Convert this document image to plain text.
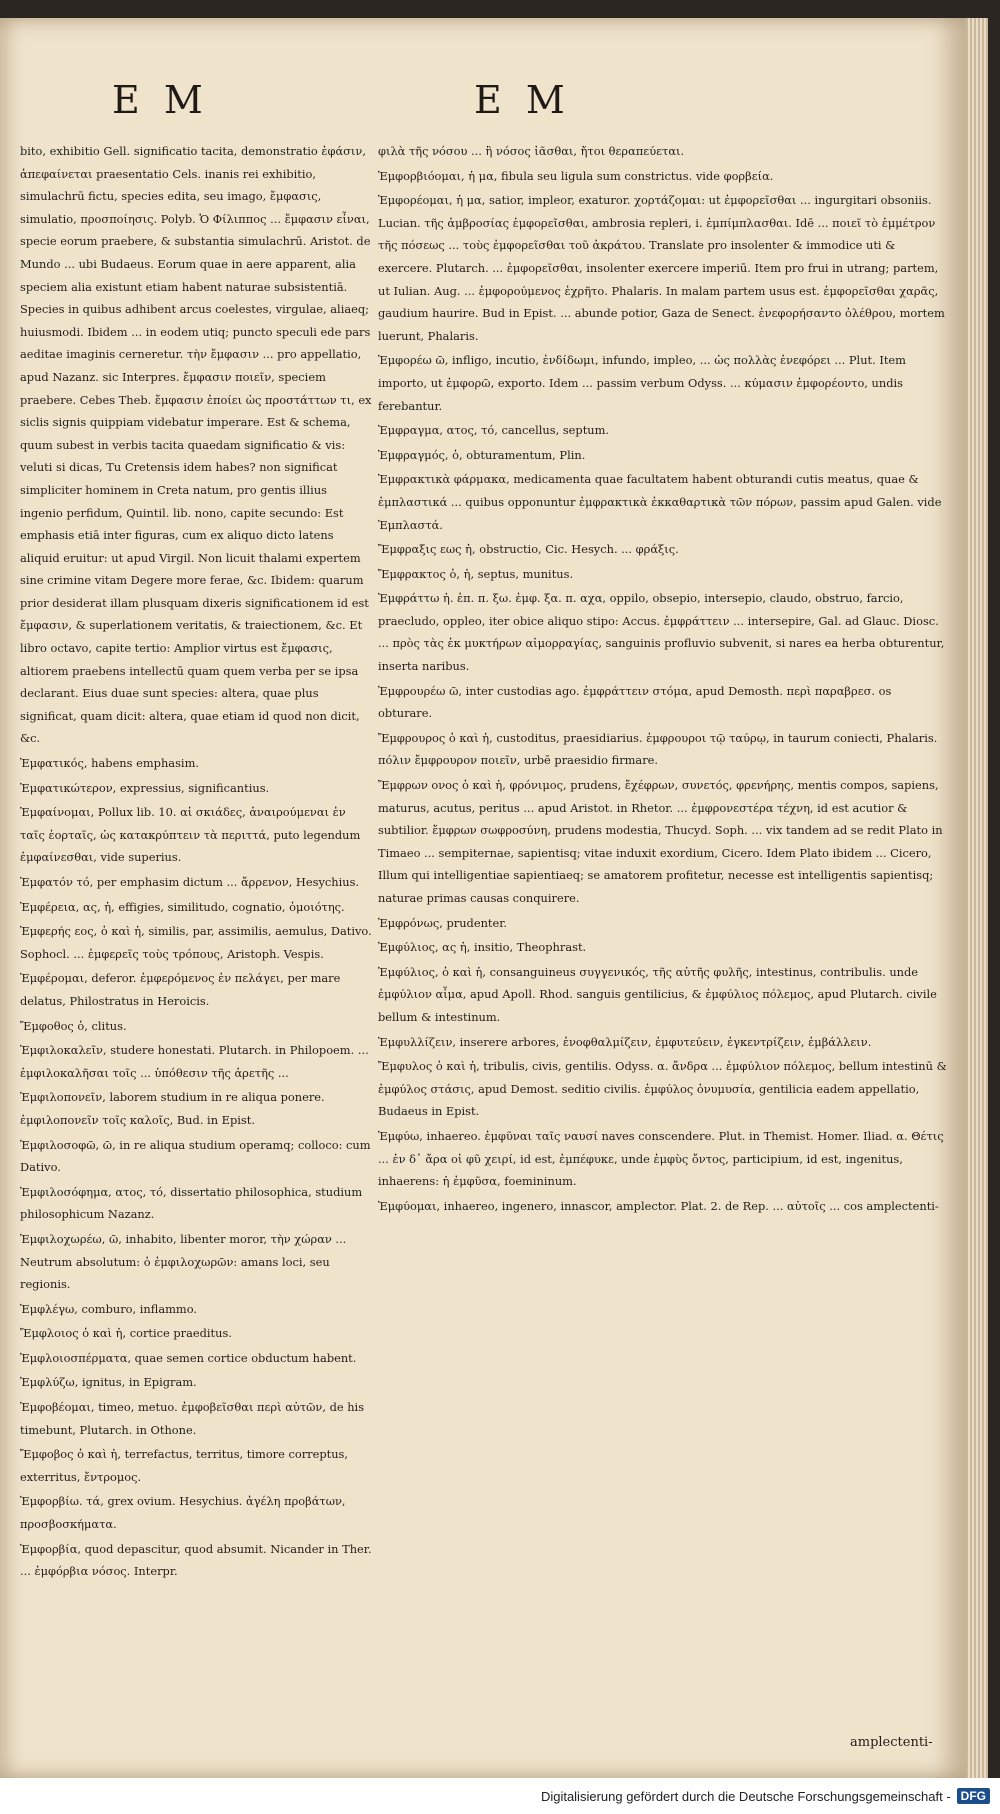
E M	E M

bito, exhibitio Gell. significatio tacita, demonstratio ἐφάσιν, ἀπεφαίνεται praesentatio Cels. inanis rei exhibitio, simulachrū fictu, species edita, seu imago, ἔμφασις, simulatio, προσποίησις. Polyb. Ὁ Φίλιππος ... ἔμφασιν εἶναι, specie eorum praebere, & substantia simulachrū. Aristot. de Mundo ... ubi Budaeus. Eorum quae in aere apparent, alia speciem alia existunt etiam habent naturae subsistentiā. Species in quibus adhibent arcus coelestes, virgulae, aliaeq; huiusmodi. Ibidem ... in eodem utiq; puncto speculi ede pars aeditae imaginis cerneretur. τὴν ἔμφασιν ... pro appellatio, apud Nazanz. sic Interpres. ἔμφασιν ποιεῖν, speciem praebere. Cebes Theb. ἔμφασιν ἐποίει ὡς προστάττων τι, ex siclis signis quippiam videbatur imperare. Est & schema, quum subest in verbis tacita quaedam significatio & vis: veluti si dicas, Tu Cretensis idem habes? non significat simpliciter hominem in Creta natum, pro gentis illius ingenio perfidum, Quintil. lib. nono, capite secundo: Est emphasis etiā inter figuras, cum ex aliquo dicto latens aliquid eruitur: ut apud Virgil. Non licuit thalami expertem sine crimine vitam Degere more ferae, &c. Ibidem: quarum prior desiderat illam plusquam dixeris significationem id est ἔμφασιν, & superlationem veritatis, & traiectionem, &c. Et libro octavo, capite tertio: Amplior virtus est ἔμφασις, altiorem praebens intellectū quam quem verba per se ipsa declarant. Eius duae sunt species: altera, quae plus significat, quam dicit: altera, quae etiam id quod non dicit, &c.

Ἐμφατικός, habens emphasim.

Ἐμφατικώτερον, expressius, significantius.

Ἐμφαίνομαι, Pollux lib. 10. αἱ σκιάδες, ἀναιρούμεναι ἐν ταῖς ἑορταῖς, ὡς κατακρύπτειν τὰ περιττά, puto legendum ἐμφαίνεσθαι, vide superius.

Ἐμφατόν τό, per emphasim dictum ... ἄρρενον, Hesychius.

Ἐμφέρεια, ας, ἡ, effigies, similitudo, cognatio, ὁμοιότης.

Ἐμφερής εος, ὁ καὶ ἡ, similis, par, assimilis, aemulus, Dativo. Sophocl. ... ἐμφερεῖς τοὺς τρόπους, Aristoph. Vespis.

Ἐμφέρομαι, deferor. ἐμφερόμενος ἐν πελάγει, per mare delatus, Philostratus in Heroicis.

Ἔμφοθος ὁ, clitus.

Ἐμφιλοκαλεῖν, studere honestati. Plutarch. in Philopoem. ... ἐμφιλοκαλῆσαι τοῖς ... ὑπόθεσιν τῆς ἀρετῆς ...

Ἐμφιλοπονεῖν, laborem studium in re aliqua ponere. ἐμφιλοπονεῖν τοῖς καλοῖς, Bud. in Epist.

Ἐμφιλοσοφῶ, ῶ, in re aliqua studium operamq; colloco: cum Dativo.

Ἐμφιλοσόφημα, ατος, τό, dissertatio philosophica, studium philosophicum Nazanz.

Ἐμφιλοχωρέω, ῶ, inhabito, libenter moror, τὴν χώραν ... Neutrum absolutum: ὁ ἐμφιλοχωρῶν: amans loci, seu regionis.

Ἐμφλέγω, comburo, inflammo.

Ἔμφλοιος ὁ καὶ ἡ, cortice praeditus.

Ἐμφλοιοσπέρματα, quae semen cortice obductum habent.

Ἐμφλύζω, ignitus, in Epigram.

Ἐμφοβέομαι, timeo, metuo. ἐμφοβεῖσθαι περὶ αὐτῶν, de his timebunt, Plutarch. in Othone.

Ἔμφοβος ὁ καὶ ἡ, terrefactus, territus, timore correptus, exterritus, ἔντρομος.

Ἐμφορβίω. τά, grex ovium. Hesychius. ἀγέλη προβάτων, προσβοσκήματα.

Ἐμφορβία, quod depascitur, quod absumit. Nicander in Ther. ... ἐμφόρβια νόσος. Interpr.

φιλὰ τῆς νόσου ... ἢ νόσος ἰᾶσθαι, ἤτοι θεραπεύεται.

Ἐμφορβιόομαι, ἡ μα, fibula seu ligula sum constrictus. vide φορβεία.

Ἐμφορέομαι, ἡ μα, satior, impleor, exaturor. χορτάζομαι: ut ἐμφορεῖσθαι ... ingurgitari obsoniis. Lucian. τῆς ἀμβροσίας ἐμφορεῖσθαι, ambrosia repleri, i. ἐμπίμπλασθαι. Idē ... ποιεῖ τὸ ἐμμέτρον τῆς πόσεως ... τοὺς ἐμφορεῖσθαι τοῦ ἀκράτου. Translate pro insolenter & immodice uti & exercere. Plutarch. ... ἐμφορεῖσθαι, insolenter exercere imperiū. Item pro frui in utrang; partem, ut Iulian. Aug. ... ἐμφορούμενος ἐχρῆτο. Phalaris. In malam partem usus est. ἐμφορεῖσθαι χαρᾶς, gaudium haurire. Bud in Epist. ... abunde potior, Gaza de Senect. ἐνεφορήσαντο ὀλέθρου, mortem luerunt, Phalaris.

Ἐμφορέω ῶ, infligo, incutio, ἐνδίδωμι, infundo, impleo, ... ὡς πολλὰς ἐνεφόρει ... Plut. Item importo, ut ἐμφορῶ, exporto. Idem ... passim verbum Odyss. ... κύμασιν ἐμφορέοντο, undis ferebantur.

Ἐμφραγμα, ατος, τό, cancellus, septum.

Ἐμφραγμός, ὁ, obturamentum, Plin.

Ἐμφρακτικὰ φάρμακα, medicamenta quae facultatem habent obturandi cutis meatus, quae & ἐμπλαστικά ... quibus opponuntur ἐμφρακτικὰ ἐκκαθαρτικὰ τῶν πόρων, passim apud Galen. vide Ἐμπλαστά.

Ἔμφραξις εως ἡ, obstructio, Cic. Hesych. ... φράξις.

Ἔμφρακτος ὁ, ἡ, septus, munitus.

Ἐμφράττω ἡ. ἐπ. π. ξω. ἐμφ. ξα. π. αχα, oppilo, obsepio, intersepio, claudo, obstruo, farcio, praecludo, oppleo, iter obice aliquo stipo: Accus. ἐμφράττειν ... intersepire, Gal. ad Glauc. Diosc. ... πρὸς τὰς ἐκ μυκτήρων αἱμορραγίας, sanguinis profluvio subvenit, si nares ea herba obturentur, inserta naribus.

Ἐμφρουρέω ῶ, inter custodias ago. ἐμφράττειν στόμα, apud Demosth. περὶ παραβρεσ. os obturare.

Ἔμφρουρος ὁ καὶ ἡ, custoditus, praesidiarius. ἐμφρουροι τῷ ταύρῳ, in taurum coniecti, Phalaris. πόλιν ἔμφρουρον ποιεῖν, urbē praesidio firmare.

Ἔμφρων ονος ὁ καὶ ἡ, φρόνιμος, prudens, ἔχέφρων, συνετός, φρενήρης, mentis compos, sapiens, maturus, acutus, peritus ... apud Aristot. in Rhetor. ... ἐμφρονεστέρα τέχνη, id est acutior & subtilior. ἔμφρων σωφροσύνη, prudens modestia, Thucyd. Soph. ... vix tandem ad se redit Plato in Timaeo ... sempiternae, sapientisq; vitae induxit exordium, Cicero. Idem Plato ibidem ... Cicero, Illum qui intelligentiae sapientiaeq; se amatorem profitetur, necesse est intelligentis sapientisq; naturae primas causas conquirere.

Ἐμφρόνως, prudenter.

Ἐμφύλιος, ας ἡ, insitio, Theophrast.

Ἐμφύλιος, ὁ καὶ ἡ, consanguineus συγγενικός, τῆς αὐτῆς φυλῆς, intestinus, contribulis. unde ἐμφύλιον αἷμα, apud Apoll. Rhod. sanguis gentilicius, & ἐμφύλιος πόλεμος, apud Plutarch. civile bellum & intestinum.

Ἐμφυλλίζειν, inserere arbores, ἐνοφθαλμίζειν, ἐμφυτεύειν, ἐγκεντρίζειν, ἐμβάλλειν.

Ἔμφυλος ὁ καὶ ἡ, tribulis, civis, gentilis. Odyss. α. ἄνδρα ... ἐμφύλιον πόλεμος, bellum intestinū & ἐμφύλος στάσις, apud Demost. seditio civilis. ἐμφύλος ὀνυμυσία, gentilicia eadem appellatio, Budaeus in Epist.

Ἐμφύω, inhaereo. ἐμφῦναι ταῖς ναυσί naves conscendere. Plut. in Themist. Homer. Iliad. α. Θέτις ... ἐν δ᾽ ἄρα οἱ φῦ χειρί, id est, ἐμπέφυκε, unde ἐμφὺς ὄντος, participium, id est, ingenitus, inhaerens: ἡ ἐμφῦσα, foemininum.

Ἐμφύομαι, inhaereo, ingenero, innascor, amplector. Plat. 2. de Rep. ... αὐτοῖς ... cos amplectenti-

amplectenti-
Digitalisierung gefördert durch die Deutsche Forschungsgemeinschaft - DFG
